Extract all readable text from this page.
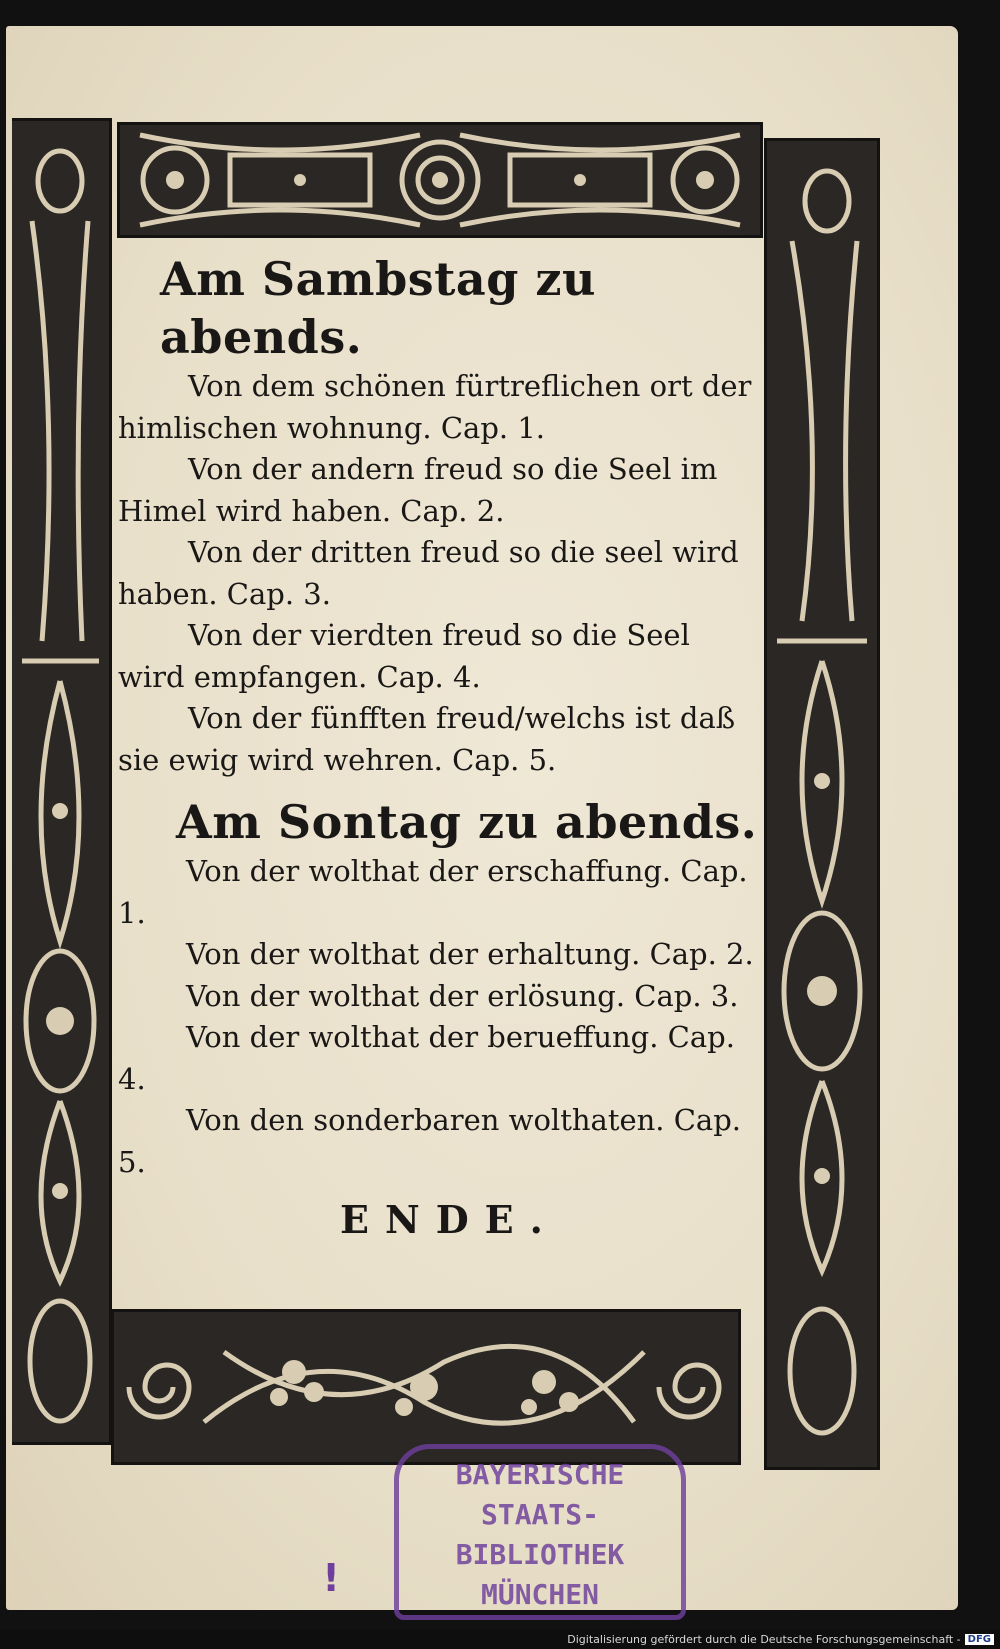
Am Sambstag zu abends.
Von dem schönen fürtreflichen ort der himlischen wohnung. Cap. 1.
Von der andern freud so die Seel im Himel wird haben. Cap. 2.
Von der dritten freud so die seel wird haben. Cap. 3.
Von der vierdten freud so die Seel wird empfangen. Cap. 4.
Von der fünfften freud/welchs ist daß sie ewig wird wehren. Cap. 5.
Am Sontag zu abends.
Von der wolthat der erschaffung. Cap. 1.
Von der wolthat der erhaltung. Cap. 2.
Von der wolthat der erlösung. Cap. 3.
Von der wolthat der berueffung. Cap. 4.
Von den sonderbaren wolthaten. Cap. 5.
ENDE.
BAYERISCHE
STAATS-
BIBLIOTHEK
MÜNCHEN
ǃ
Digitalisierung gefördert durch die Deutsche Forschungsgemeinschaft - DFG
